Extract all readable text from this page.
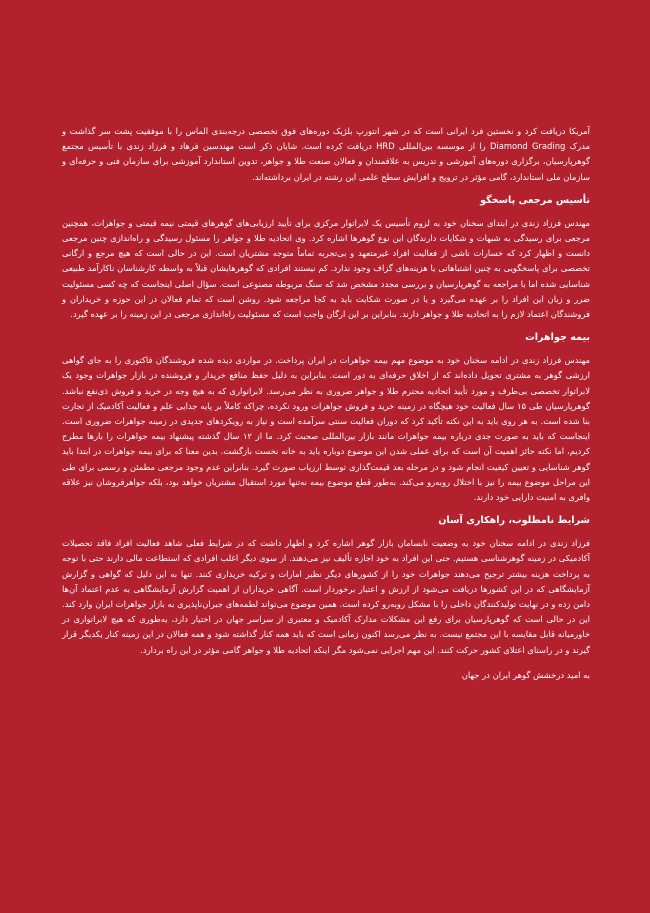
آمریکا دریافت کرد و نخستین فرد ایرانی است که در شهر انتورپ بلژیک دوره‌های فوق تخصصی درجه‌بندی الماس را با موفقیت پشت سر گذاشت و مدرک Diamond Grading را از موسسه بین‌المللی HRD دریافت کرده است. شایان ذکر است مهندسین فرهاد و فرزاد زندی با تأسیس مجتمع گوهرپارسیان، برگزاری دوره‌های آموزشی و تدریس به علاقمندان و فعالان صنعت طلا و جواهر، تدوین استاندارد آموزشی برای سازمان فنی و حرفه‌ای و سازمان ملی استاندارد، گامی مؤثر در ترویج و افزایش سطح علمی این رشته در ایران برداشته‌اند.

تأسیس مرجعی پاسخگو

مهندس فرزاد زندی در ابتدای سخنان خود به لزوم تأسیس یک لابراتوار مرکزی برای تأیید ارزیابی‌های گوهرهای قیمتی نیمه قیمتی و جواهرات، همچنین مرجعی برای رسیدگی به شبهات و شکایات دارندگان این نوع گوهرها اشاره کرد. وی اتحادیه طلا و جواهر را مسئول رسیدگی و راه‌اندازی چنین مرجعی دانست و اظهار کرد که خسارات ناشی از فعالیت افراد غیرمتعهد و بی‌تجربه تماماً متوجه مشتریان است. این در حالی است که هیچ مرجع و ارگانی تخصصی برای پاسخگویی به چنین اشتباهاتی یا هزینه‌های گزاف وجود ندارد. کم نیستند افرادی که گوهرهایشان قبلاً به واسطه کارشناسان ناکارآمد طبیعی شناسایی شده اما با مراجعه به گوهرپارسیان و بررسی مجدد مشخص شد که سنگ مربوطه مصنوعی است. سؤال اصلی اینجاست که چه کسی مسئولیت ضرر و زیان این افراد را بر عهده می‌گیرد و یا در صورت شکایت باید به کجا مراجعه شود. روشن است که تمام فعالان در این حوزه و خریداران و فروشندگان اعتماد لازم را به اتحادیه طلا و جواهر دارند. بنابراین بر این ارگان واجب است که مسئولیت راه‌اندازی مرجعی در این زمینه را بر عهده گیرد.

بیمه جواهرات

مهندس فرزاد زندی در ادامه سخنان خود به موضوع مهم بیمه جواهرات در ایران پرداخت. در مواردی دیده شده فروشندگان فاکتوری را به جای گواهی ارزشی گوهر به مشتری تحویل داده‌اند که از اخلاق حرفه‌ای به دور است. بنابراین به دلیل حفظ منافع خریدار و فروشنده در بازار جواهرات وجود یک لابراتوار تخصصی بی‌طرف و مورد تأیید اتحادیه محترم طلا و جواهر ضروری به نظر می‌رسد. لابراتواری که به هیچ وجه در خرید و فروش ذی‌نفع نباشد. گوهرپارسیان طی ۱۵ سال فعالیت خود هیچگاه در زمینه خرید و فروش جواهرات ورود نکرده، چراکه کاملاً بر پایه جدایی علم و فعالیت آکادمیک از تجارت بنا شده است. به هر روی باید به این نکته تأکید کرد که دوران فعالیت سنتی سرآمده است و نیاز به رویکردهای جدیدی در زمینه جواهرات ضروری است. اینجاست که باید به صورت جدی درباره بیمه جواهرات مانند بازار بین‌المللی صحبت کرد. ما از ۱۲ سال گذشته پیشنهاد بیمه جواهرات را بارها مطرح کردیم، اما نکته حائز اهمیت آن است که برای عملی شدن این موضوع دوباره باید به خانه نخست بازگشت. بدین معنا که برای بیمه جواهرات در ابتدا باید گوهر شناسایی و تعیین کیفیت انجام شود و در مرحله بعد قیمت‌گذاری توسط ارزیاب صورت گیرد. بنابراین عدم وجود مرجعی مطمئن و رسمی برای طی این مراحل موضوع بیمه را نیز با اختلال روبه‌رو می‌کند. به‌طور قطع موضوع بیمه نه‌تنها مورد استقبال مشتریان خواهد بود، بلکه جواهرفروشان نیز علاقه وافری به امنیت دارایی خود دارند.

شرایط نامطلوب، راهکاری آسان

فرزاد زندی در ادامه سخنان خود به وضعیت نابسامان بازار گوهر اشاره کرد و اظهار داشت که در شرایط فعلی شاهد فعالیت افراد فاقد تحصیلات آکادمیکی در زمینه گوهرشناسی هستیم. حتی این افراد به خود اجازه تألیف نیز می‌دهند. از سوی دیگر اغلب افرادی که استطاعت مالی دارند حتی با توجه به پرداخت هزینه بیشتر ترجیح می‌دهند جواهرات خود را از کشورهای دیگر نظیر امارات و ترکیه خریداری کنند. تنها به این دلیل که گواهی و گزارش آزمایشگاهی که در این کشورها دریافت می‌شود از ارزش و اعتبار برخوردار است. آگاهی خریداران از اهمیت گزارش آزمایشگاهی به عدم اعتماد آن‌ها دامن زده و در نهایت تولیدکنندگان داخلی را با مشکل روبه‌رو کرده است. همین موضوع می‌تواند لطمه‌های جبران‌ناپذیری به بازار جواهرات ایران وارد کند. این در حالی است که گوهرپارسیان برای رفع این مشکلات مدارک آکادمیک و معتبری از سراسر جهان در اختیار دارد، به‌طوری که هیچ لابراتواری در خاورمیانه قابل مقایسه با این مجتمع نیست. به نظر می‌رسد اکنون زمانی است که باید همه کنار گذاشته شود و همه فعالان در این زمینه کنار یکدیگر قرار گیرند و در راستای اعتلای کشور حرکت کنند. این مهم اجرایی نمی‌شود مگر اینکه اتحادیه طلا و جواهر گامی مؤثر در این راه بردارد.

به امید درخشش گوهر ایران در جهان
